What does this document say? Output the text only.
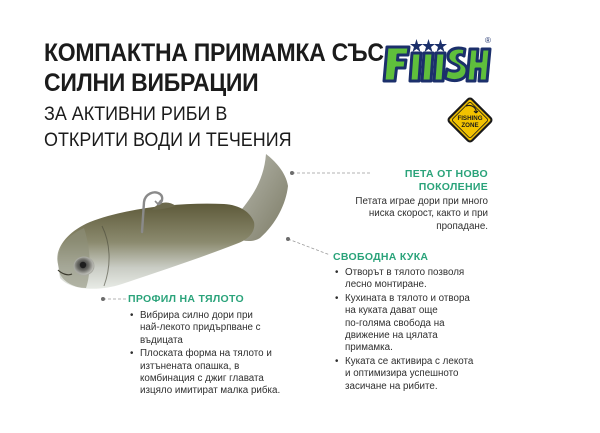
КОМПАКТНА ПРИМАМКА СЪС
СИЛНИ ВИБРАЦИИ
ЗА АКТИВНИ РИБИ В
ОТКРИТИ ВОДИ И ТЕЧЕНИЯ
®
FISHING
ZONE

ПЕТА ОТ НОВО
ПОКОЛЕНИЕ

Петата играе дори при много
ниска скорост, както и при
пропадане.

СВОБОДНА КУКА

• Отворът в тялото позволя
лесно монтиране.
• Кухината в тялото и отвора
на куката дават още
по-голяма свобода на
движение на цялата
примамка.
• Куката се активира с лекота
и оптимизира успешното
засичане на рибите.

ПРОФИЛ НА ТЯЛОТО

• Вибрира силно дори при
най-лекото придърпване с
въдицата
• Плоската форма на тялото и
изтънената опашка, в
комбинация с джиг главата
изцяло имитират малка рибка.
